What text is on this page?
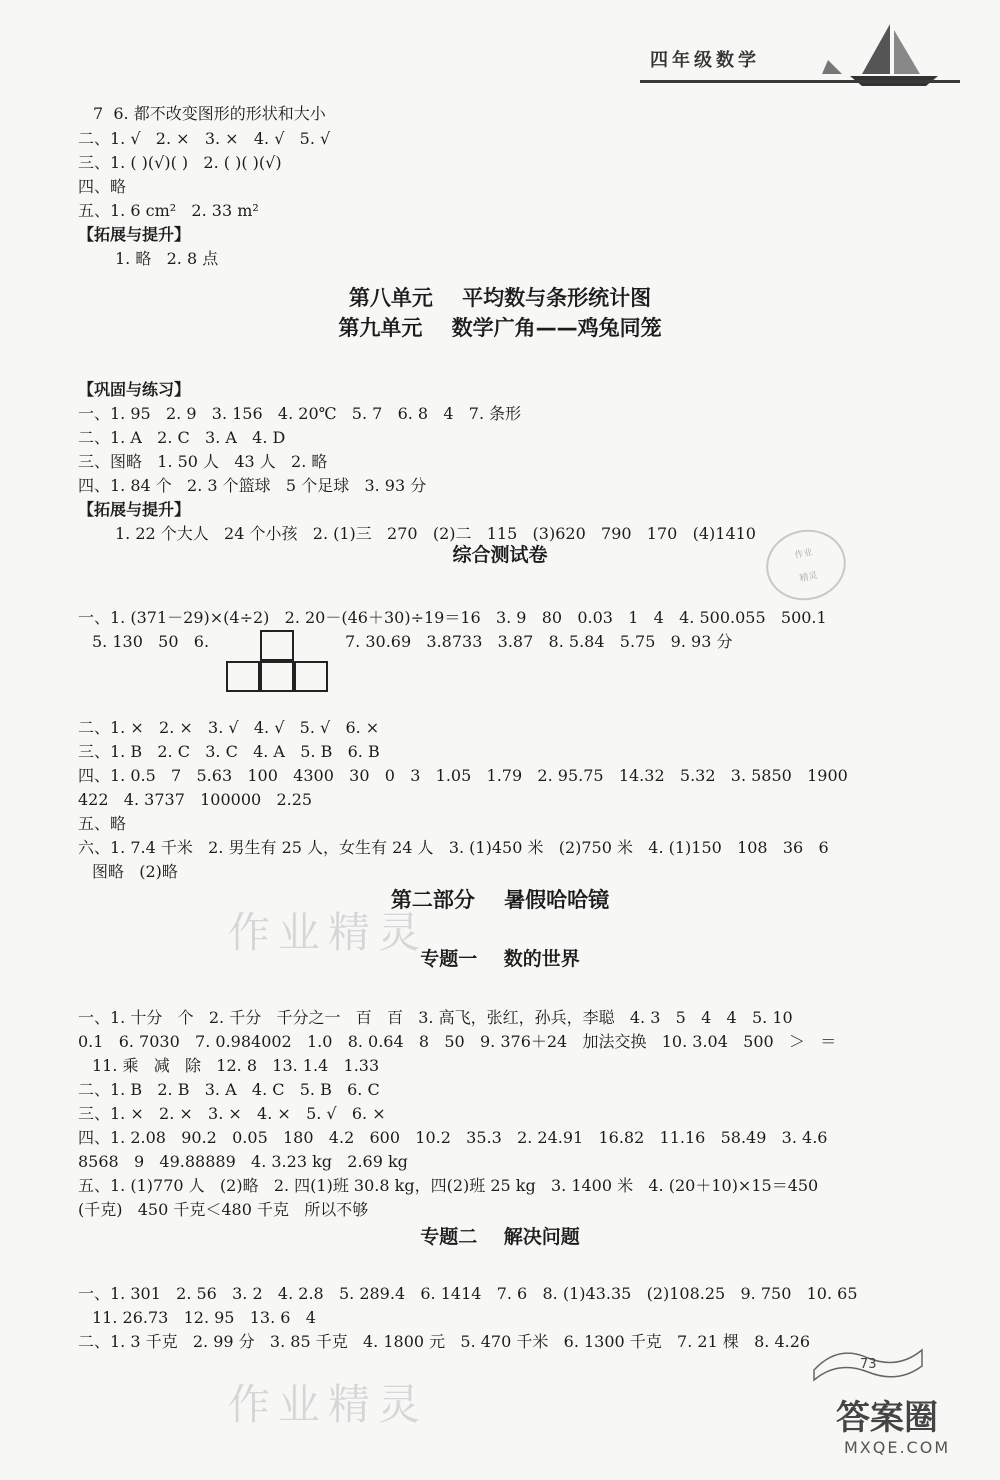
四年级数学
7  6. 都不改变图形的形状和大小
二、1. √   2. ×   3. ×   4. √   5. √
三、1. ( )(√)( )   2. ( )( )(√)
四、略
五、1. 6 cm²   2. 33 m²
【拓展与提升】
1. 略   2. 8 点
【巩固与练习】
一、1. 95   2. 9   3. 156   4. 20℃   5. 7   6. 8   4   7. 条形
二、1. A   2. C   3. A   4. D
三、图略   1. 50 人   43 人   2. 略
四、1. 84 个   2. 3 个篮球   5 个足球   3. 93 分
【拓展与提升】
1. 22 个大人   24 个小孩   2. (1)三   270   (2)二   115   (3)620   790   170   (4)1410
一、1. (371－29)×(4÷2)   2. 20－(46＋30)÷19＝16   3. 9   80   0.03   1   4   4. 500.055   500.1
5. 130   50   6.	7. 30.69   3.8733   3.87   8. 5.84   5.75   9. 93 分
二、1. ×   2. ×   3. √   4. √   5. √   6. ×
三、1. B   2. C   3. C   4. A   5. B   6. B
四、1. 0.5   7   5.63   100   4300   30   0   3   1.05   1.79   2. 95.75   14.32   5.32   3. 5850   1900
422   4. 3737   100000   2.25
五、略
六、1. 7.4 千米   2. 男生有 25 人，女生有 24 人   3. (1)450 米   (2)750 米   4. (1)150   108   36   6
图略   (2)略
一、1. 十分   个   2. 千分   千分之一   百   百   3. 高飞，张红，孙兵，李聪   4. 3   5   4   4   5. 10
0.1   6. 7030   7. 0.984002   1.0   8. 0.64   8   50   9. 376＋24   加法交换   10. 3.04   500   ＞   ＝
11. 乘   减   除   12. 8   13. 1.4   1.33
二、1. B   2. B   3. A   4. C   5. B   6. C
三、1. ×   2. ×   3. ×   4. ×   5. √   6. ×
四、1. 2.08   90.2   0.05   180   4.2   600   10.2   35.3   2. 24.91   16.82   11.16   58.49   3. 4.6
8568   9   49.88889   4. 3.23 kg   2.69 kg
五、1. (1)770 人   (2)略   2. 四(1)班 30.8 kg，四(2)班 25 kg   3. 1400 米   4. (20＋10)×15＝450
(千克)   450 千克＜480 千克   所以不够
一、1. 301   2. 56   3. 2   4. 2.8   5. 289.4   6. 1414   7. 6   8. (1)43.35   (2)108.25   9. 750   10. 65
11. 26.73   12. 95   13. 6   4
二、1. 3 千克   2. 99 分   3. 85 千克   4. 1800 元   5. 470 千米   6. 1300 千克   7. 21 棵   8. 4.26
第八单元    平均数与条形统计图
第九单元    数学广角——鸡兔同笼
综合测试卷
第二部分    暑假哈哈镜
专题一    数的世界
专题二    解决问题
作业精灵
作业精灵
作业
精灵
73
答案圈
MXQE.COM
